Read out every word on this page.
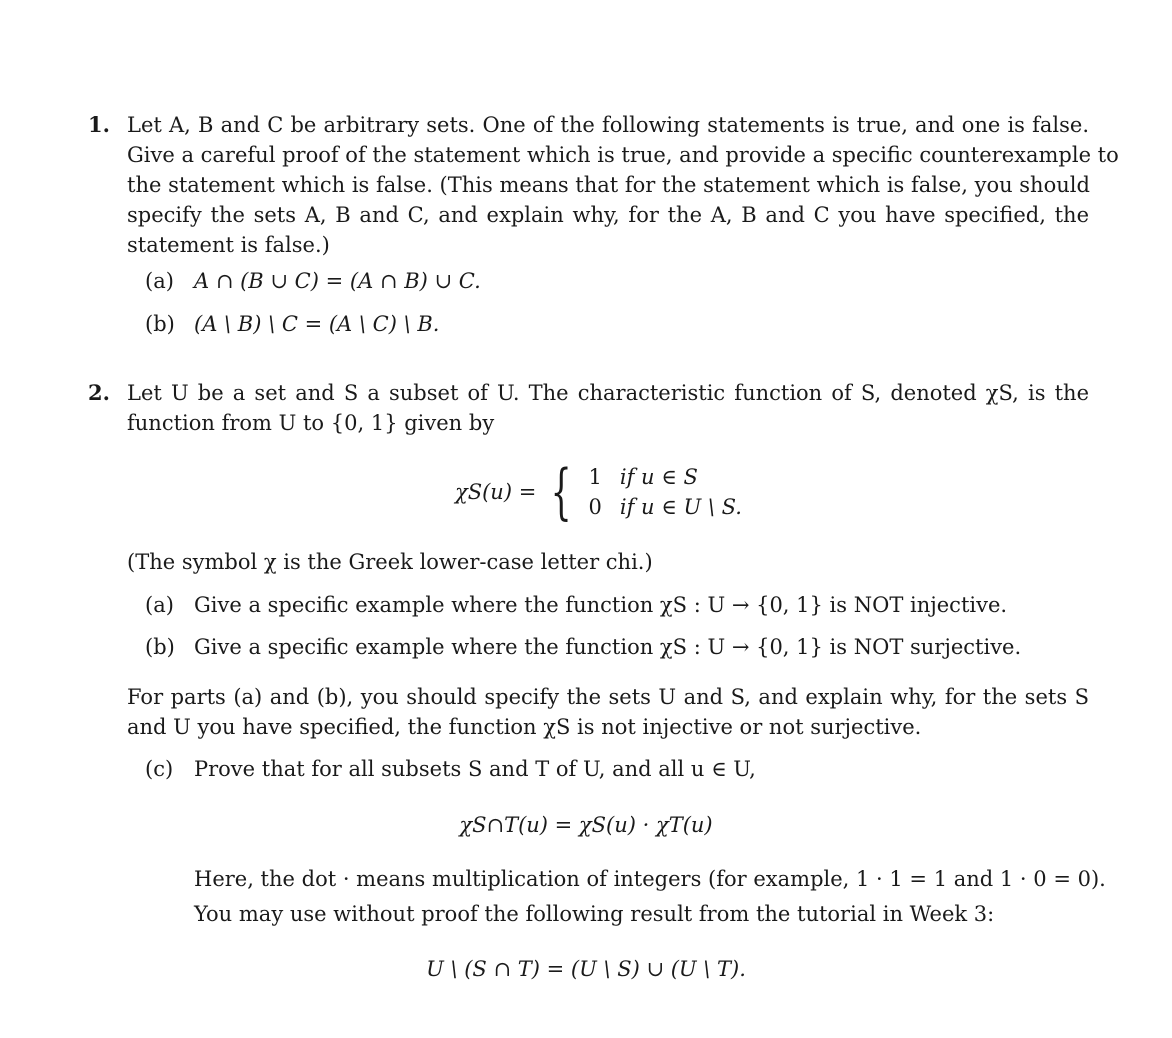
1. Let A, B and C be arbitrary sets. One of the following statements is true, and one is false.
Give a careful proof of the statement which is true, and provide a specific counterexample to
the statement which is false. (This means that for the statement which is false, you should
specify the sets A, B and C, and explain why, for the A, B and C you have specified, the
statement is false.)
(a) A ∩ (B ∪ C) = (A ∩ B) ∪ C.
(b) (A \ B) \ C = (A \ C) \ B.
2. Let U be a set and S a subset of U. The characteristic function of S, denoted χS, is the
function from U to {0, 1} given by
χS(u) = { 1 if u ∈ S
0 if u ∈ U \ S.
(The symbol χ is the Greek lower-case letter chi.)
(a) Give a specific example where the function χS : U → {0, 1} is NOT injective.
(b) Give a specific example where the function χS : U → {0, 1} is NOT surjective.
For parts (a) and (b), you should specify the sets U and S, and explain why, for the sets S
and U you have specified, the function χS is not injective or not surjective.
(c) Prove that for all subsets S and T of U, and all u ∈ U,
χS∩T(u) = χS(u) · χT(u)
Here, the dot · means multiplication of integers (for example, 1 · 1 = 1 and 1 · 0 = 0).
You may use without proof the following result from the tutorial in Week 3:
U \ (S ∩ T) = (U \ S) ∪ (U \ T).
